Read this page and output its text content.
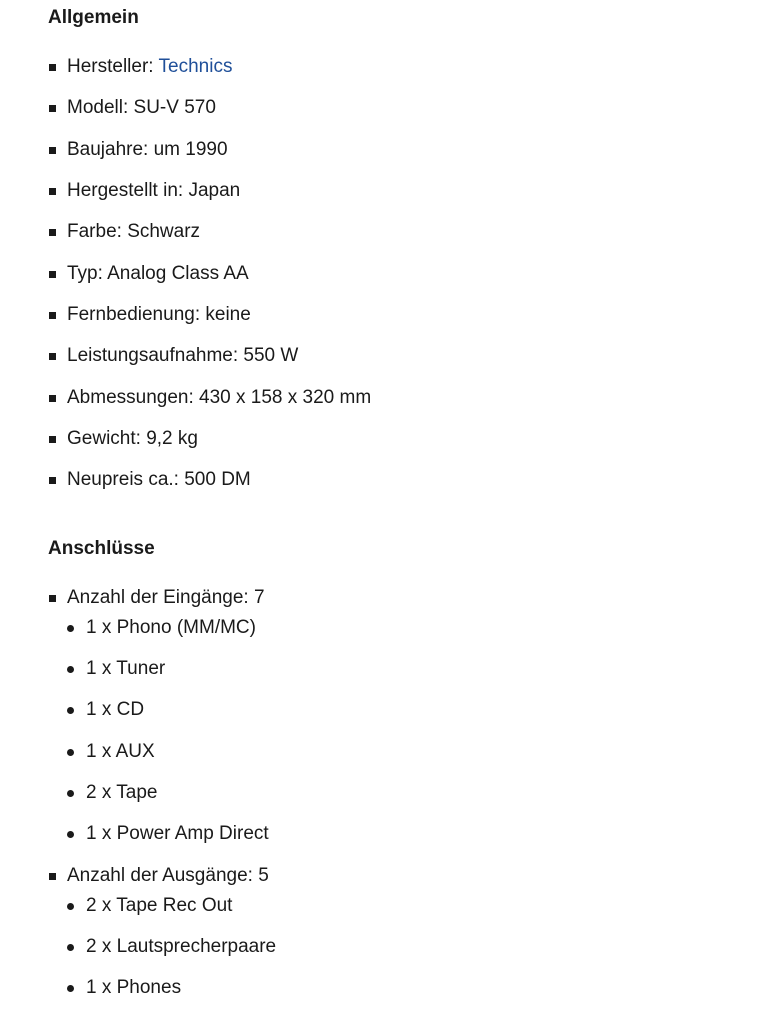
Allgemein
Hersteller: Technics
Modell: SU-V 570
Baujahre: um 1990
Hergestellt in: Japan
Farbe: Schwarz
Typ: Analog Class AA
Fernbedienung: keine
Leistungsaufnahme: 550 W
Abmessungen: 430 x 158 x 320 mm
Gewicht: 9,2 kg
Neupreis ca.: 500 DM
Anschlüsse
Anzahl der Eingänge: 7
1 x Phono (MM/MC)
1 x Tuner
1 x CD
1 x AUX
2 x Tape
1 x Power Amp Direct
Anzahl der Ausgänge: 5
2 x Tape Rec Out
2 x Lautsprecherpaare
1 x Phones
